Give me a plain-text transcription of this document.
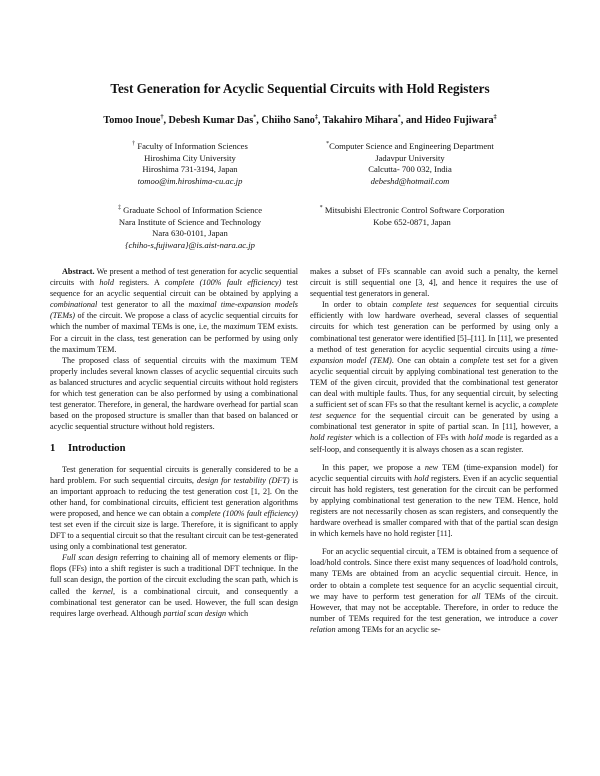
Test Generation for Acyclic Sequential Circuits with Hold Registers
Tomoo Inoue†, Debesh Kumar Das*, Chiiho Sano‡, Takahiro Mihara*, and Hideo Fujiwara‡
† Faculty of Information Sciences
Hiroshima City University
Hiroshima 731-3194, Japan
tomoo@im.hiroshima-cu.ac.jp
*Computer Science and Engineering Department
Jadavpur University
Calcutta- 700 032, India
debeshd@hotmail.com
‡ Graduate School of Information Science
Nara Institute of Science and Technology
Nara 630-0101, Japan
{chiho-s,fujiwara}@is.aist-nara.ac.jp
* Mitsubishi Electronic Control Software Corporation
Kobe 652-0871, Japan

Abstract. We present a method of test generation for acyclic sequential circuits with hold registers. A complete (100% fault efficiency) test sequence for an acyclic sequential circuit can be obtained by applying a combinational test generator to all the maximal time-expansion models (TEMs) of the circuit. We propose a class of acyclic sequential circuits for which the number of maximal TEMs is one, i.e, the maximum TEM exists. For a circuit in the class, test generation can be performed by using only the maximum TEM.

The proposed class of sequential circuits with the maximum TEM properly includes several known classes of acyclic sequential circuits such as balanced structures and acyclic sequential circuits without hold registers for which test generation can be also performed by using a combinational test generator. Therefore, in general, the hardware overhead for partial scan based on the proposed structure is smaller than that based on balanced or acyclic sequential structure without hold registers.

1 Introduction

Test generation for sequential circuits is generally considered to be a hard problem. For such sequential circuits, design for testability (DFT) is an important approach to reducing the test generation cost [1, 2]. On the other hand, for combinational circuits, efficient test generation algorithms were proposed, and hence we can obtain a complete (100% fault efficiency) test set even if the circuit size is large. Therefore, it is significant to apply DFT to a sequential circuit so that the resultant circuit can be test-generated using only a combinational test generator.

Full scan design referring to chaining all of memory elements or flip-flops (FFs) into a shift register is such a traditional DFT technique. In the full scan design, the portion of the circuit excluding the scan path, which is called the kernel, is a combinational circuit, and consequently a combinational test generator can be used. However, the full scan design requires large overhead. Although partial scan design which

makes a subset of FFs scannable can avoid such a penalty, the kernel circuit is still sequential one [3, 4], and hence it requires the use of sequential test generators in general.

In order to obtain complete test sequences for sequential circuits efficiently with low hardware overhead, several classes of sequential circuits for which test generation can be performed by using only a combinational test generator were identified [5]–[11]. In [11], we presented a method of test generation for acyclic sequential circuits using a time-expansion model (TEM). One can obtain a complete test set for a given acyclic sequential circuit by applying combinational test generation to the TEM of the given circuit, provided that the combinational test generator can deal with multiple faults. Thus, for any sequential circuit, by selecting a sufficient set of scan FFs so that the resultant kernel is acyclic, a complete test sequence for the sequential circuit can be generated by using a combinational test generator in spite of partial scan. In [11], however, a hold register which is a collection of FFs with hold mode is regarded as a self-loop, and consequently it is always chosen as a scan register.

In this paper, we propose a new TEM (time-expansion model) for acyclic sequential circuits with hold registers. Even if an acyclic sequential circuit has hold registers, test generation for the circuit can be performed by applying combinational test generation to the new TEM. Hence, hold registers are not necessarily chosen as scan registers, and consequently the hardware overhead is smaller compared with that of the partial scan design in which kernels have no hold register [11].

For an acyclic sequential circuit, a TEM is obtained from a sequence of load/hold controls. Since there exist many sequences of load/hold controls, many TEMs are obtained from an acyclic sequential circuit. Hence, in order to obtain a complete test sequence for an acyclic sequential circuit, we may have to perform test generation for all TEMs of the circuit. However, that may not be acceptable. Therefore, in order to reduce the number of TEMs required for the test generation, we introduce a cover relation among TEMs for an acyclic se-
